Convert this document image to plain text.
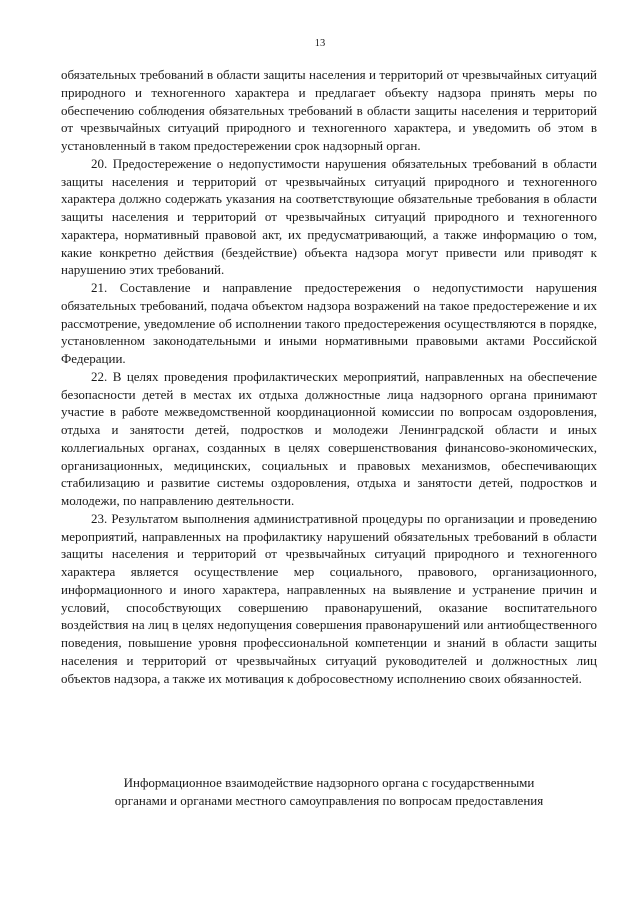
13

обязательных требований в области защиты населения и территорий от чрезвычайных ситуаций природного и техногенного характера и предлагает объекту надзора принять меры по обеспечению соблюдения обязательных требований в области защиты населения и территорий от чрезвычайных ситуаций природного и техногенного характера, и уведомить об этом в установленный в таком предостережении срок надзорный орган.

20. Предостережение о недопустимости нарушения обязательных требований в области защиты населения и территорий от чрезвычайных ситуаций природного и техногенного характера должно содержать указания на соответствующие обязательные требования в области защиты населения и территорий от чрезвычайных ситуаций природного и техногенного характера, нормативный правовой акт, их предусматривающий, а также информацию о том, какие конкретно действия (бездействие) объекта надзора могут привести или приводят к нарушению этих требований.

21. Составление и направление предостережения о недопустимости нарушения обязательных требований, подача объектом надзора возражений на такое предостережение и их рассмотрение, уведомление об исполнении такого предостережения осуществляются в порядке, установленном законодательными и иными нормативными правовыми актами Российской Федерации.

22. В целях проведения профилактических мероприятий, направленных на обеспечение безопасности детей в местах их отдыха должностные лица надзорного органа принимают участие в работе межведомственной координационной комиссии по вопросам оздоровления, отдыха и занятости детей, подростков и молодежи Ленинградской области и иных коллегиальных органах, созданных в целях совершенствования финансово-экономических, организационных, медицинских, социальных и правовых механизмов, обеспечивающих стабилизацию и развитие системы оздоровления, отдыха и занятости детей, подростков и молодежи, по направлению деятельности.

23. Результатом выполнения административной процедуры по организации и проведению мероприятий, направленных на профилактику нарушений обязательных требований в области защиты населения и территорий от чрезвычайных ситуаций природного и техногенного характера является осуществление мер социального, правового, организационного, информационного и иного характера, направленных на выявление и устранение причин и условий, способствующих совершению правонарушений, оказание воспитательного воздействия на лиц в целях недопущения совершения правонарушений или антиобщественного поведения, повышение уровня профессиональной компетенции и знаний в области защиты населения и территорий от чрезвычайных ситуаций руководителей и должностных лиц объектов надзора, а также их мотивация к добросовестному исполнению своих обязанностей.

Информационное взаимодействие надзорного органа с государственными

органами и органами местного самоуправления по вопросам предоставления
